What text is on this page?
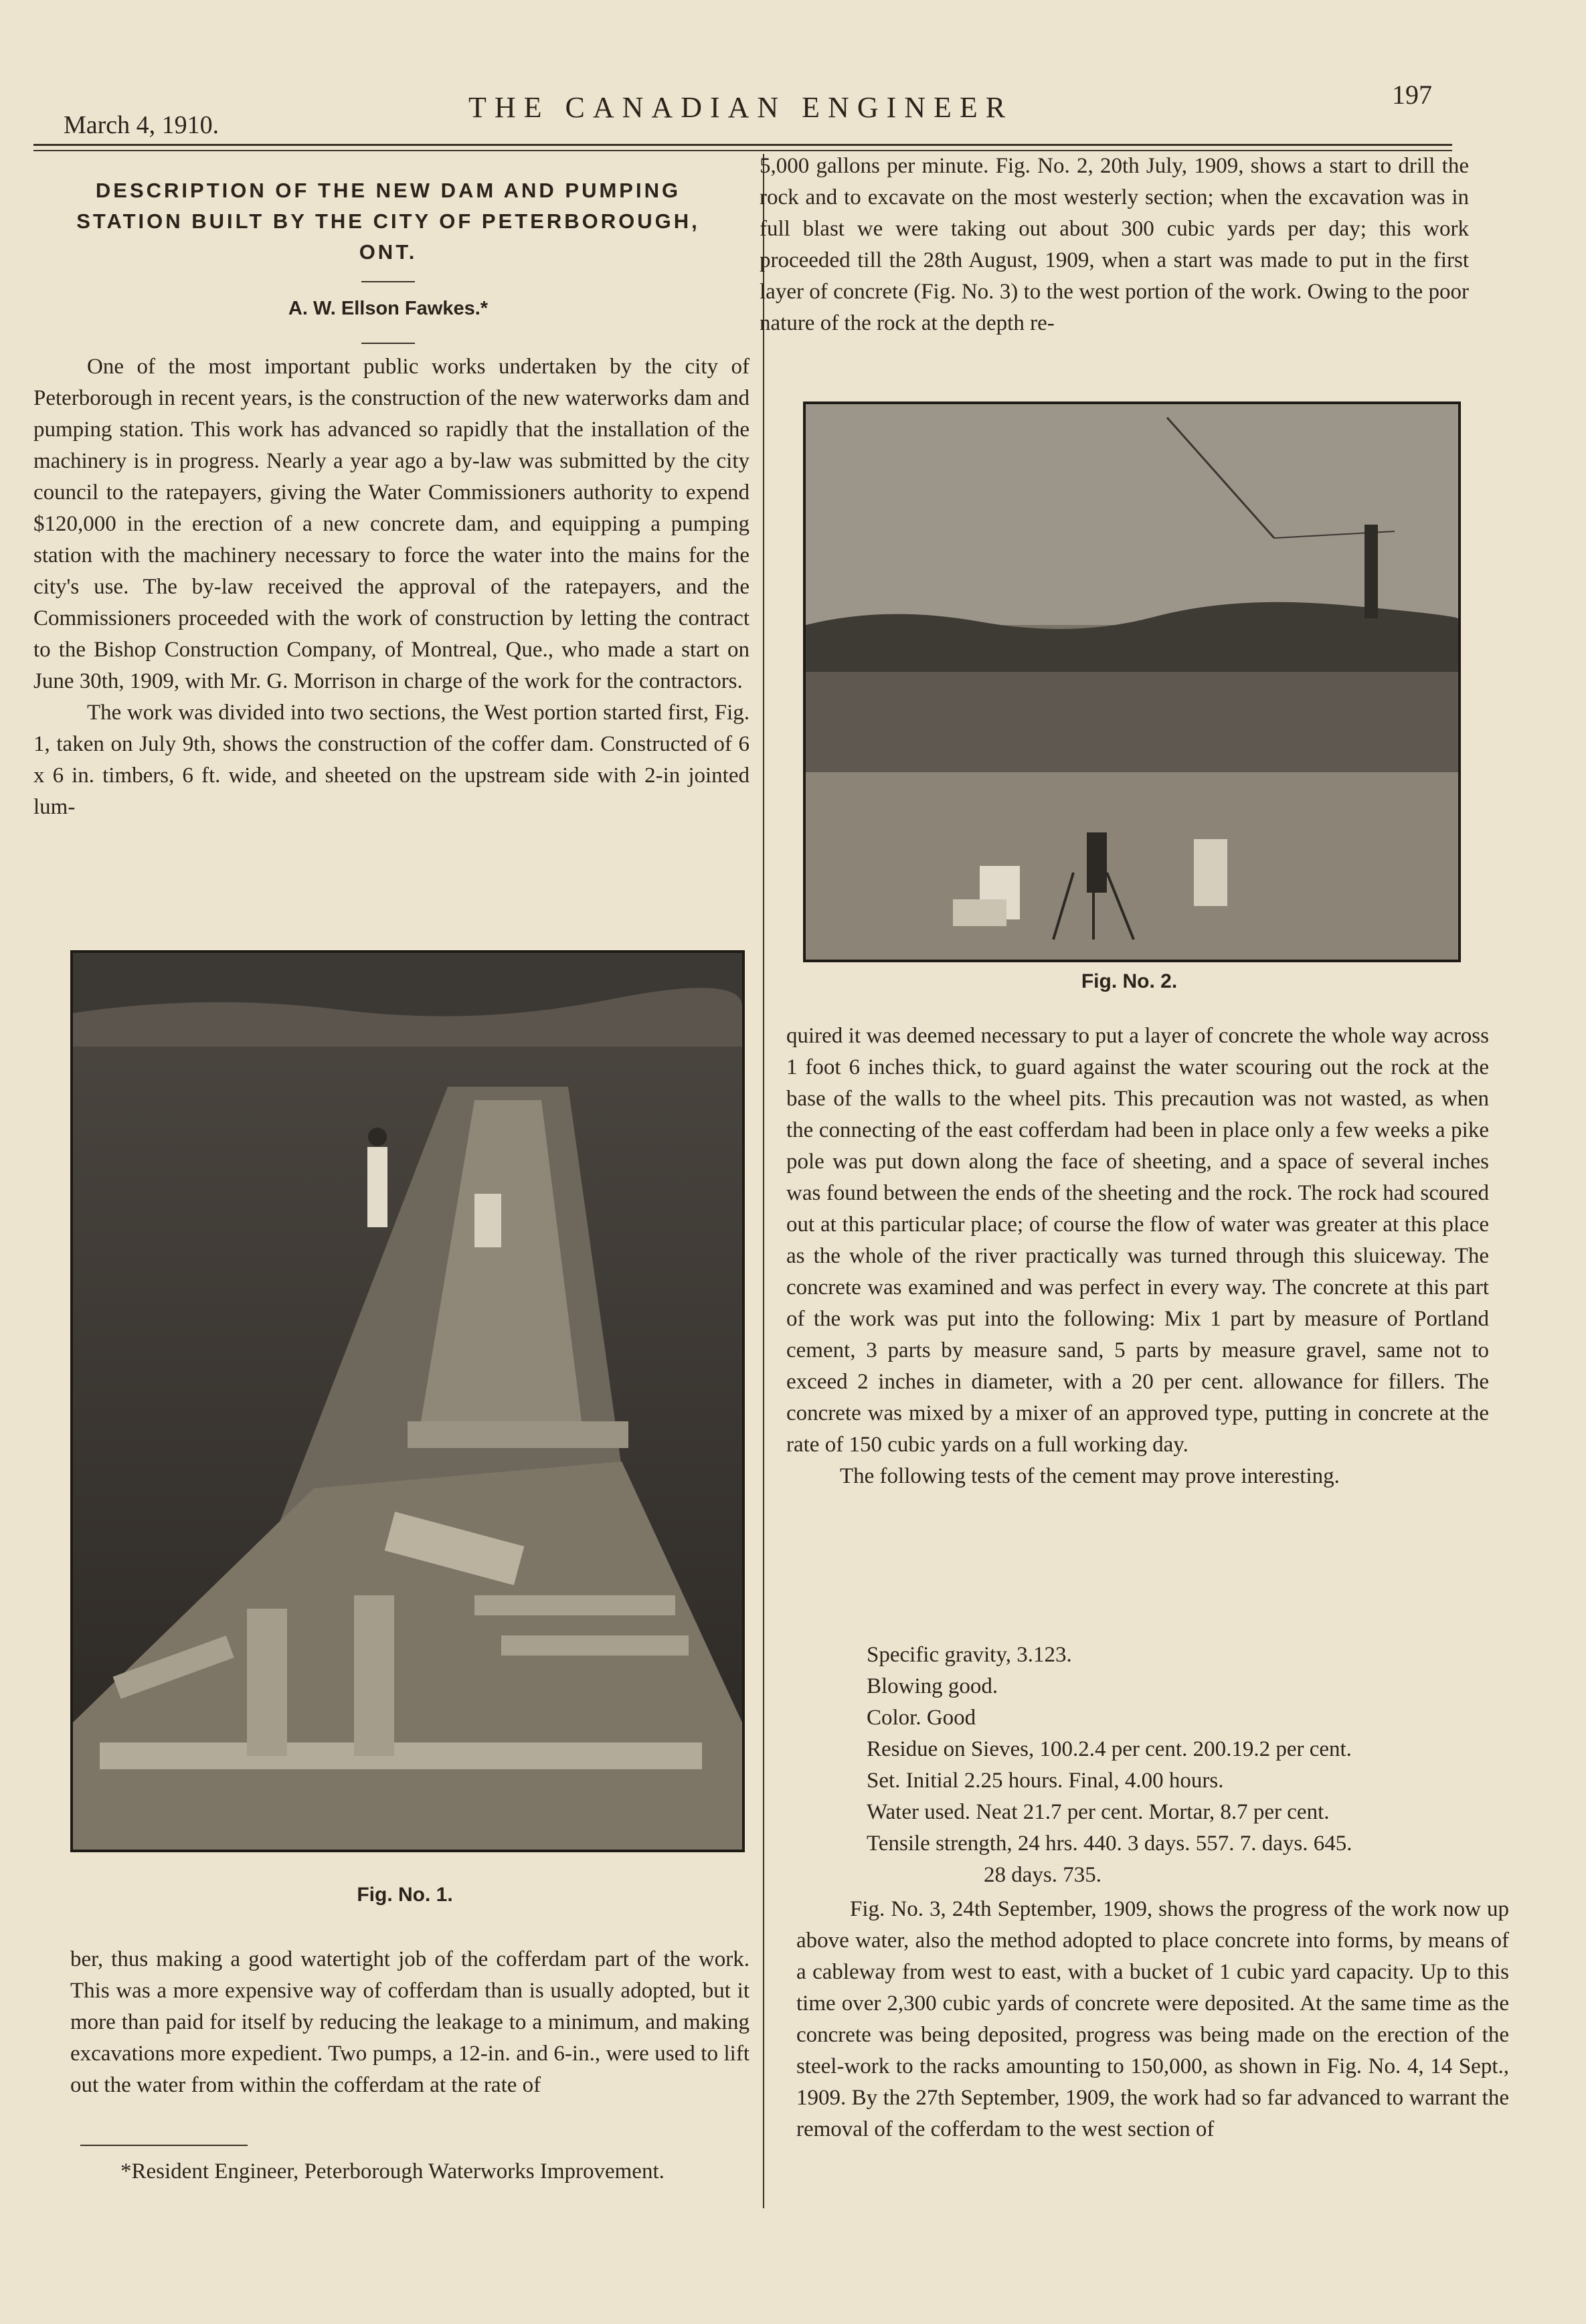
March 4, 1910.
THE CANADIAN ENGINEER	197
DESCRIPTION OF THE NEW DAM AND PUMPING STATION BUILT BY THE CITY OF PETERBOROUGH, ONT.
A. W. Ellson Fawkes.*

One of the most important public works undertaken by the city of Peterborough in recent years, is the construction of the new waterworks dam and pumping station. This work has advanced so rapidly that the installation of the machinery is in progress. Nearly a year ago a by-law was submitted by the city council to the ratepayers, giving the Water Commissioners authority to expend $120,000 in the erection of a new concrete dam, and equipping a pumping station with the machinery necessary to force the water into the mains for the city's use. The by-law received the approval of the ratepayers, and the Commissioners proceeded with the work of construction by letting the contract to the Bishop Construction Company, of Montreal, Que., who made a start on June 30th, 1909, with Mr. G. Morrison in charge of the work for the contractors.

The work was divided into two sections, the West portion started first, Fig. 1, taken on July 9th, shows the construction of the coffer dam. Constructed of 6 x 6 in. timbers, 6 ft. wide, and sheeted on the upstream side with 2-in jointed lum-

Fig. No. 1.

ber, thus making a good watertight job of the cofferdam part of the work. This was a more expensive way of cofferdam than is usually adopted, but it more than paid for itself by reducing the leakage to a minimum, and making excavations more expedient. Two pumps, a 12-in. and 6-in., were used to lift out the water from within the cofferdam at the rate of

*Resident Engineer, Peterborough Waterworks Improvement.

5,000 gallons per minute. Fig. No. 2, 20th July, 1909, shows a start to drill the rock and to excavate on the most westerly section; when the excavation was in full blast we were taking out about 300 cubic yards per day; this work proceeded till the 28th August, 1909, when a start was made to put in the first layer of concrete (Fig. No. 3) to the west portion of the work. Owing to the poor nature of the rock at the depth re-

Fig. No. 2.

quired it was deemed necessary to put a layer of concrete the whole way across 1 foot 6 inches thick, to guard against the water scouring out the rock at the base of the walls to the wheel pits. This precaution was not wasted, as when the connecting of the east cofferdam had been in place only a few weeks a pike pole was put down along the face of sheeting, and a space of several inches was found between the ends of the sheeting and the rock. The rock had scoured out at this particular place; of course the flow of water was greater at this place as the whole of the river practically was turned through this sluiceway. The concrete was examined and was perfect in every way. The concrete at this part of the work was put into the following: Mix 1 part by measure of Portland cement, 3 parts by measure sand, 5 parts by measure gravel, same not to exceed 2 inches in diameter, with a 20 per cent. allowance for fillers. The concrete was mixed by a mixer of an approved type, putting in concrete at the rate of 150 cubic yards on a full working day.

The following tests of the cement may prove interesting.

Specific gravity, 3.123.
Blowing good.
Color. Good
Residue on Sieves, 100.2.4 per cent. 200.19.2 per cent.
Set. Initial 2.25 hours. Final, 4.00 hours.
Water used. Neat 21.7 per cent. Mortar, 8.7 per cent.
Tensile strength, 24 hrs. 440. 3 days. 557. 7. days. 645.
28 days. 735.

Fig. No. 3, 24th September, 1909, shows the progress of the work now up above water, also the method adopted to place concrete into forms, by means of a cableway from west to east, with a bucket of 1 cubic yard capacity. Up to this time over 2,300 cubic yards of concrete were deposited. At the same time as the concrete was being deposited, progress was being made on the erection of the steel-work to the racks amounting to 150,000, as shown in Fig. No. 4, 14 Sept., 1909. By the 27th September, 1909, the work had so far advanced to warrant the removal of the cofferdam to the west section of
